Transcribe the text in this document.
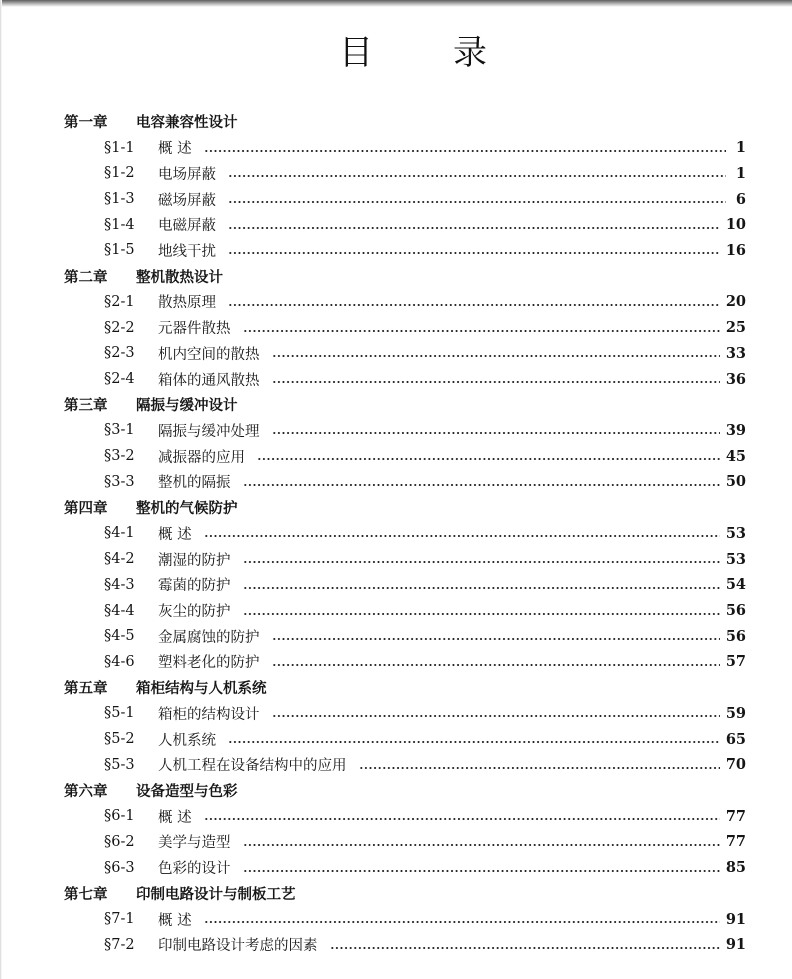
目录
第一章	电容兼容性设计
§1-1	概 述	1
§1-2	电场屏蔽	1
§1-3	磁场屏蔽	6
§1-4	电磁屏蔽	10
§1-5	地线干扰	16
第二章	整机散热设计
§2-1	散热原理	20
§2-2	元器件散热	25
§2-3	机内空间的散热	33
§2-4	箱体的通风散热	36
第三章	隔振与缓冲设计
§3-1	隔振与缓冲处理	39
§3-2	减振器的应用	45
§3-3	整机的隔振	50
第四章	整机的气候防护
§4-1	概 述	53
§4-2	潮湿的防护	53
§4-3	霉菌的防护	54
§4-4	灰尘的防护	56
§4-5	金属腐蚀的防护	56
§4-6	塑料老化的防护	57
第五章	箱柜结构与人机系统
§5-1	箱柜的结构设计	59
§5-2	人机系统	65
§5-3	人机工程在设备结构中的应用	70
第六章	设备造型与色彩
§6-1	概 述	77
§6-2	美学与造型	77
§6-3	色彩的设计	85
第七章	印制电路设计与制板工艺
§7-1	概 述	91
§7-2	印制电路设计考虑的因素	91
